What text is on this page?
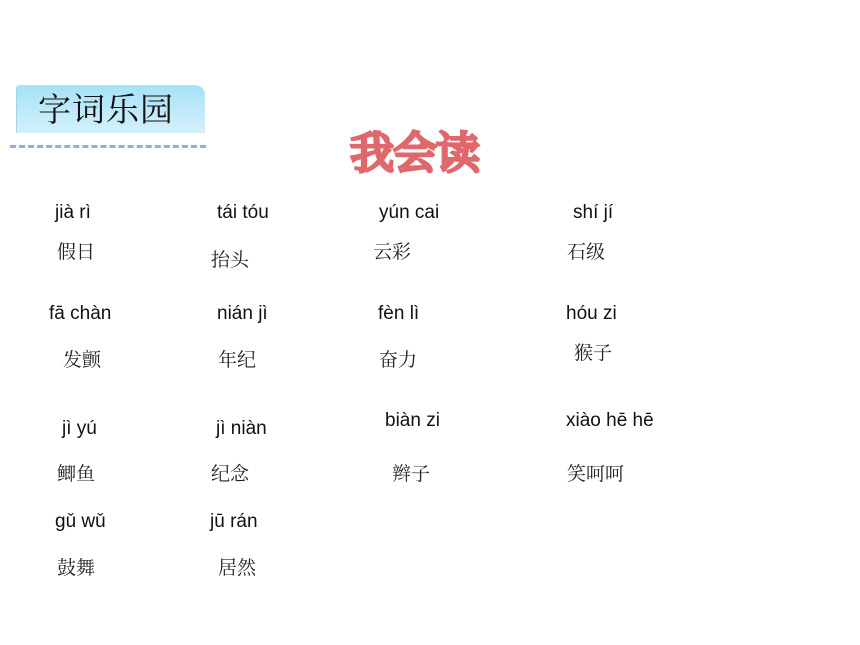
字词乐园
我会读
jià rì
假日
tái tóu
抬头
yún cai
云彩
shí jí
石级
fā chàn
发颤
nián jì
年纪
fèn lì
奋力
hóu zi
猴子
jì yú
鲫鱼
jì niàn
纪念
biàn zi
辫子
xiào hē hē
笑呵呵
gǔ wǔ
鼓舞
jū rán
居然
